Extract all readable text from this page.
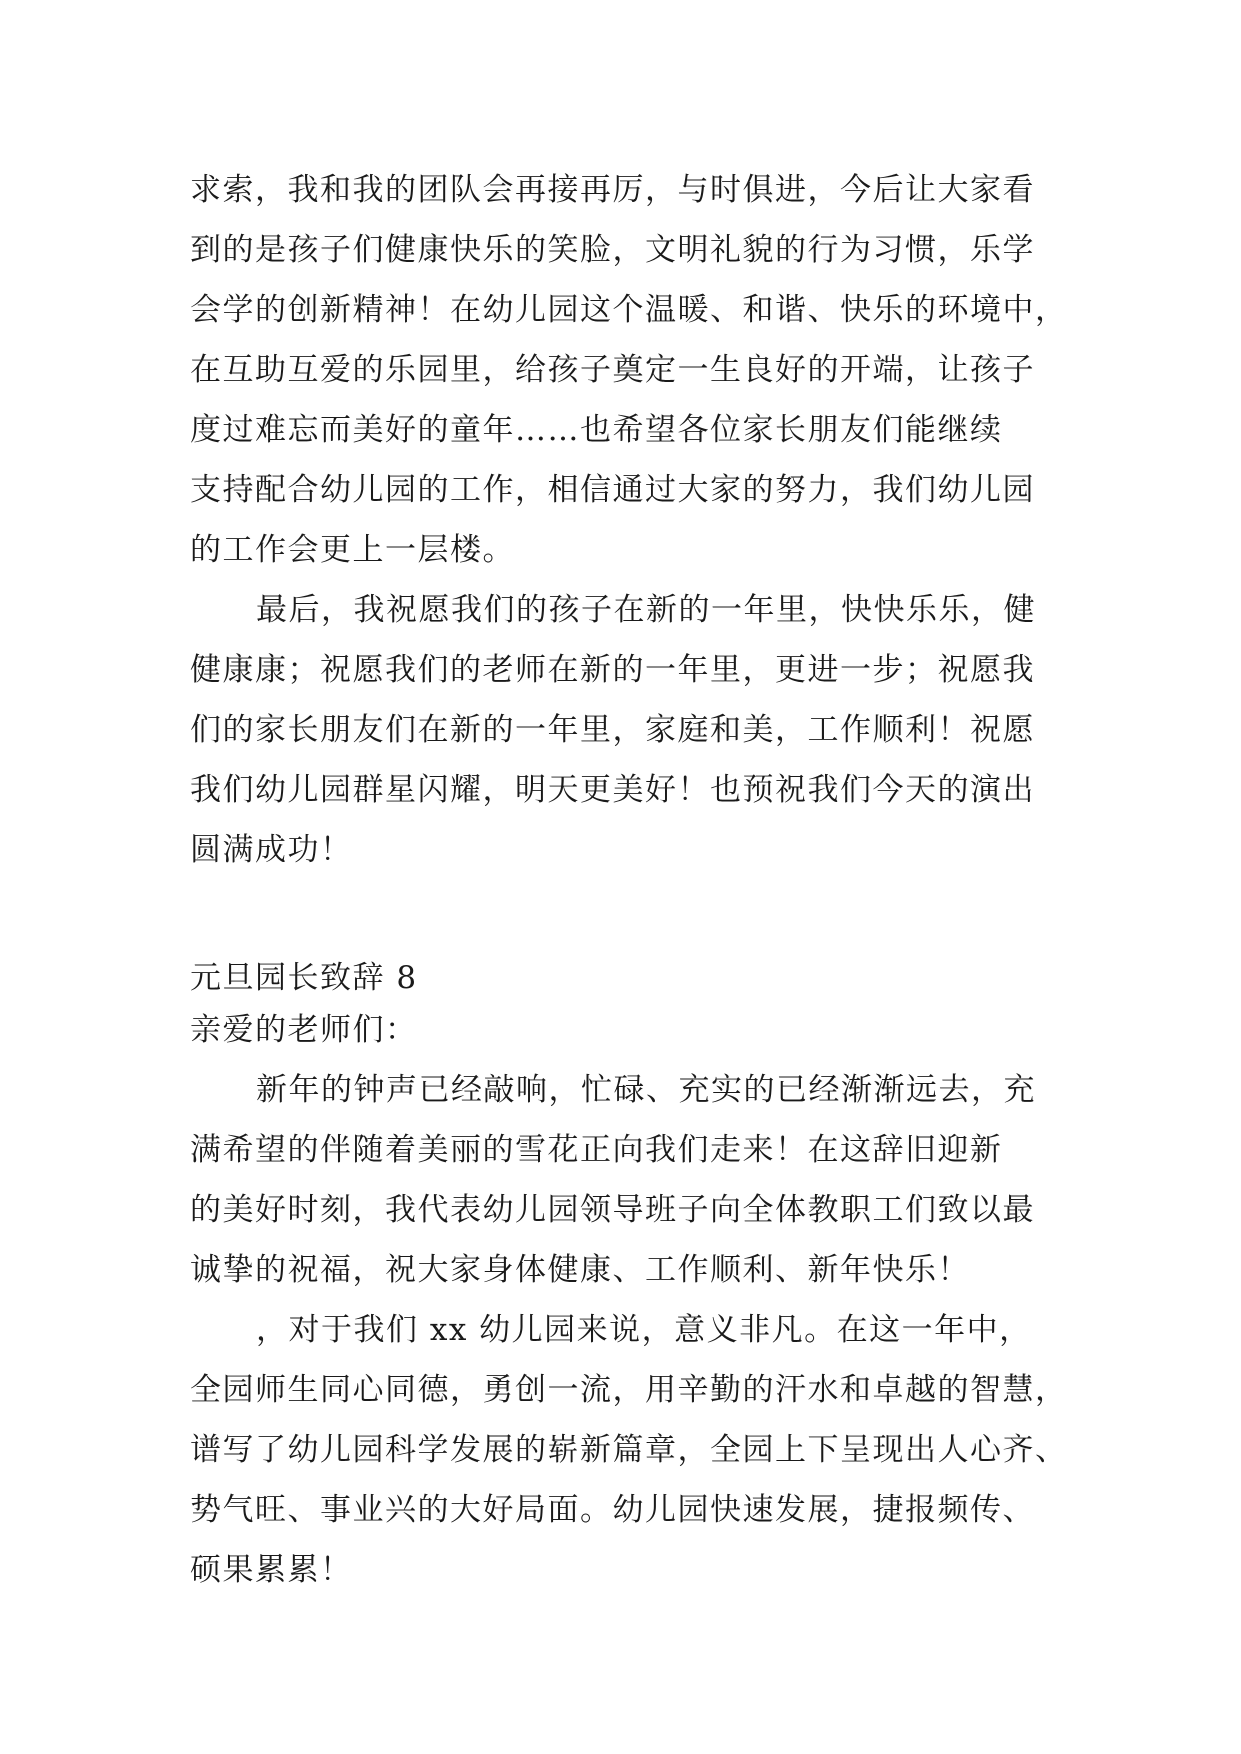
求索，我和我的团队会再接再厉，与时俱进，今后让大家看
到的是孩子们健康快乐的笑脸，文明礼貌的行为习惯，乐学
会学的创新精神！在幼儿园这个温暖、和谐、快乐的环境中，
在互助互爱的乐园里，给孩子奠定一生良好的开端，让孩子
度过难忘而美好的童年……也希望各位家长朋友们能继续
支持配合幼儿园的工作，相信通过大家的努力，我们幼儿园
的工作会更上一层楼。
最后，我祝愿我们的孩子在新的一年里，快快乐乐，健
健康康；祝愿我们的老师在新的一年里，更进一步；祝愿我
们的家长朋友们在新的一年里，家庭和美，工作顺利！祝愿
我们幼儿园群星闪耀，明天更美好！也预祝我们今天的演出
圆满成功！
元旦园长致辞 8
亲爱的老师们：
新年的钟声已经敲响，忙碌、充实的已经渐渐远去，充
满希望的伴随着美丽的雪花正向我们走来！在这辞旧迎新
的美好时刻，我代表幼儿园领导班子向全体教职工们致以最
诚挚的祝福，祝大家身体健康、工作顺利、新年快乐！
，对于我们 xx 幼儿园来说，意义非凡。在这一年中，
全园师生同心同德，勇创一流，用辛勤的汗水和卓越的智慧，
谱写了幼儿园科学发展的崭新篇章，全园上下呈现出人心齐、
势气旺、事业兴的大好局面。幼儿园快速发展，捷报频传、
硕果累累！
